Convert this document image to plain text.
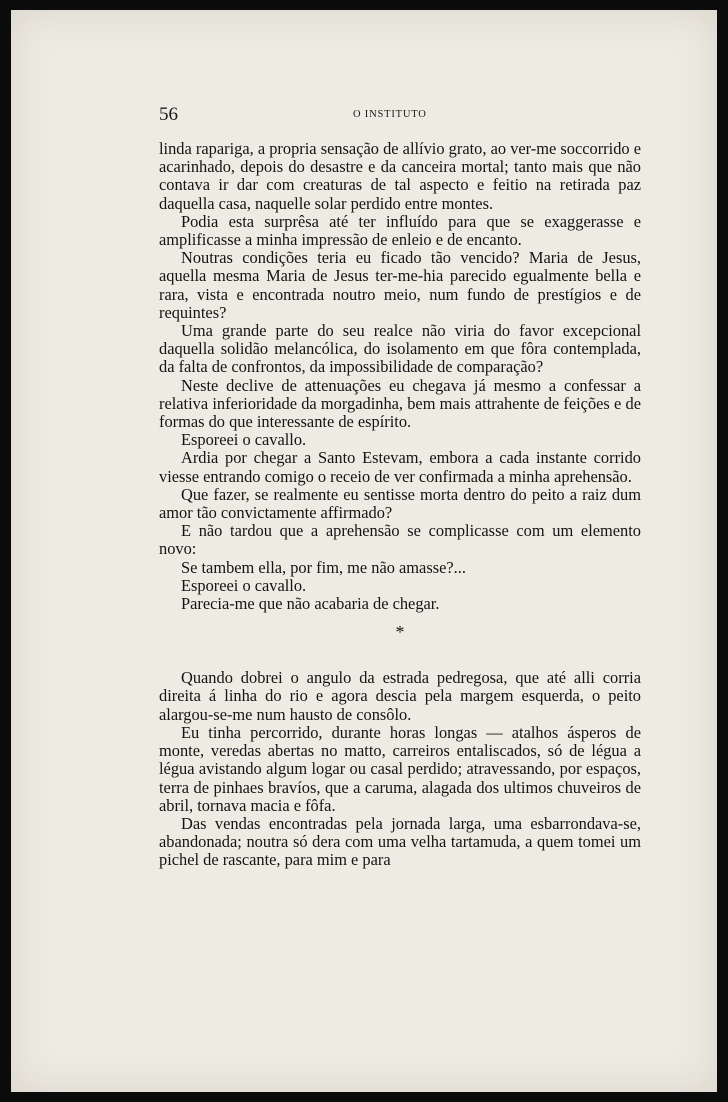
56	O INSTITUTO

linda rapariga, a propria sensação de allívio grato, ao ver-me soccorrido e acarinhado, depois do desastre e da canceira mortal; tanto mais que não contava ir dar com creaturas de tal aspecto e feitio na retirada paz daquella casa, naquelle solar perdido entre montes.

Podia esta surprêsa até ter influído para que se exaggerasse e amplificasse a minha impressão de enleio e de encanto.

Noutras condições teria eu ficado tão vencido? Maria de Jesus, aquella mesma Maria de Jesus ter-me-hia parecido egualmente bella e rara, vista e encontrada noutro meio, num fundo de prestígios e de requintes?

Uma grande parte do seu realce não viria do favor excepcional daquella solidão melancólica, do isolamento em que fôra contemplada, da falta de confrontos, da impossibilidade de comparação?

Neste declive de attenuações eu chegava já mesmo a confessar a relativa inferioridade da morgadinha, bem mais attrahente de feições e de formas do que interessante de espírito.

Esporeei o cavallo.

Ardia por chegar a Santo Estevam, embora a cada instante corrido viesse entrando comigo o receio de ver confirmada a minha aprehensão.

Que fazer, se realmente eu sentisse morta dentro do peito a raiz dum amor tão convictamente affirmado?

E não tardou que a aprehensão se complicasse com um elemento novo:

Se tambem ella, por fim, me não amasse?...

Esporeei o cavallo.

Parecia-me que não acabaria de chegar.

*

Quando dobrei o angulo da estrada pedregosa, que até alli corria direita á linha do rio e agora descia pela margem esquerda, o peito alargou-se-me num hausto de consôlo.

Eu tinha percorrido, durante horas longas — atalhos ásperos de monte, veredas abertas no matto, carreiros entaliscados, só de légua a légua avistando algum logar ou casal perdido; atravessando, por espaços, terra de pinhaes bravíos, que a caruma, alagada dos ultimos chuveiros de abril, tornava macia e fôfa.

Das vendas encontradas pela jornada larga, uma esbarrondava-se, abandonada; noutra só dera com uma velha tartamuda, a quem tomei um pichel de rascante, para mim e para
